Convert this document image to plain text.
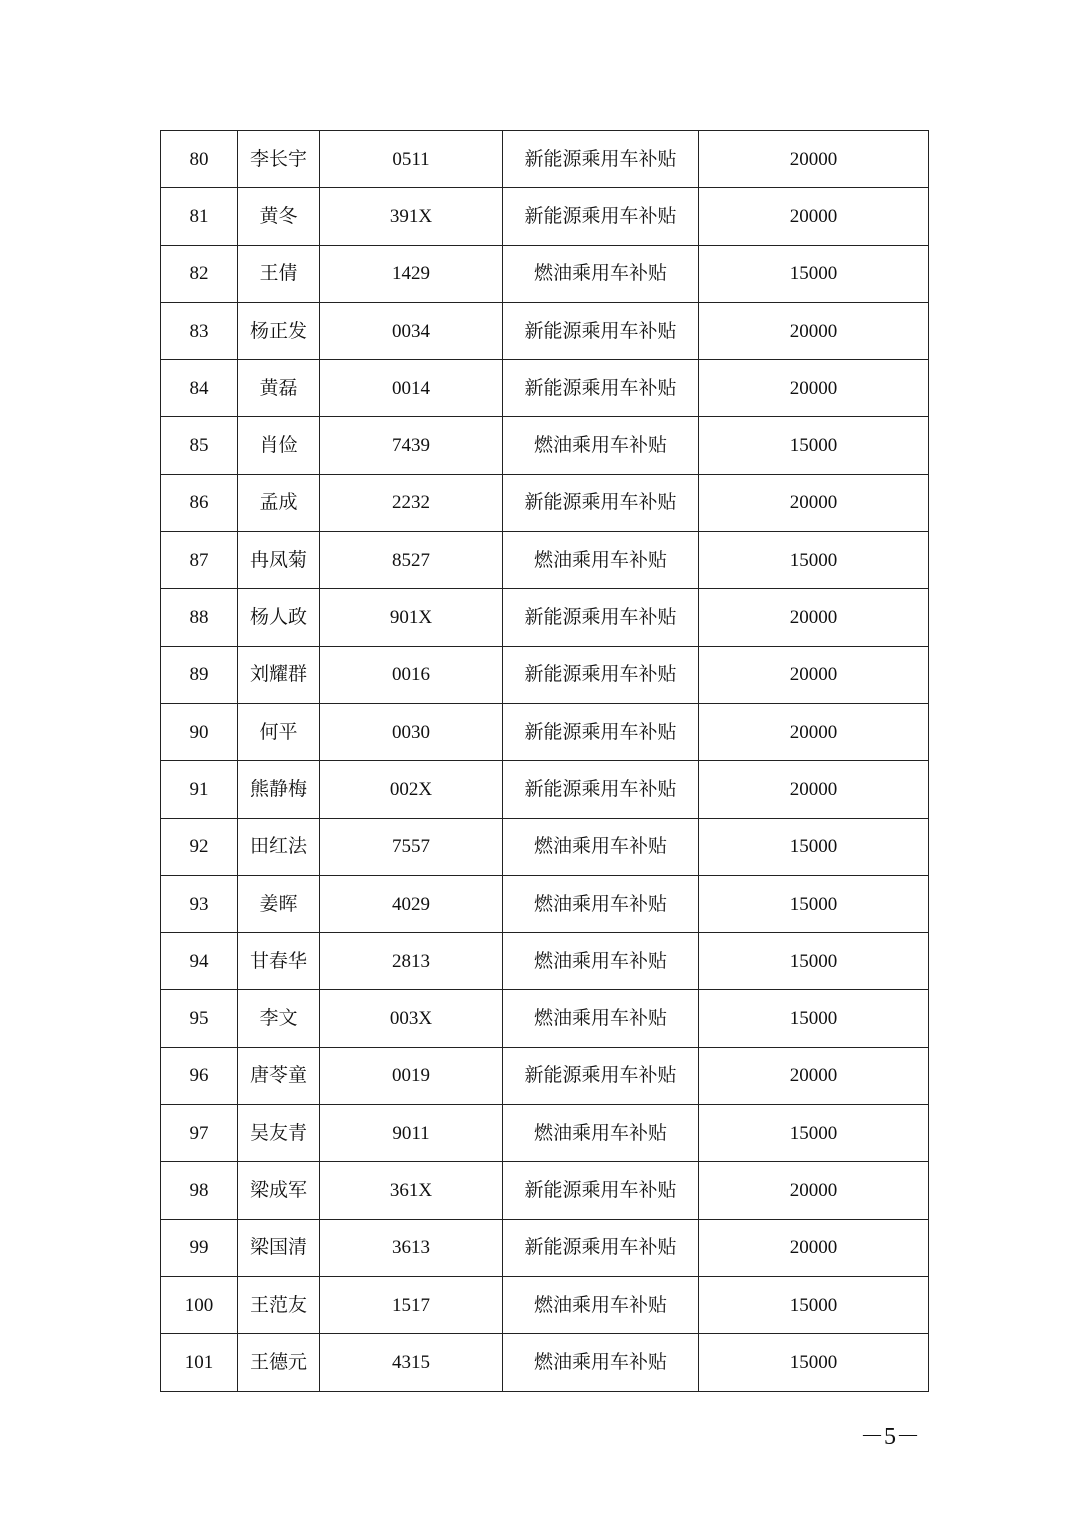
80	李长宇	0511	新能源乘用车补贴	20000
81	黄冬	391X	新能源乘用车补贴	20000
82	王倩	1429	燃油乘用车补贴	15000
83	杨正发	0034	新能源乘用车补贴	20000
84	黄磊	0014	新能源乘用车补贴	20000
85	肖俭	7439	燃油乘用车补贴	15000
86	孟成	2232	新能源乘用车补贴	20000
87	冉凤菊	8527	燃油乘用车补贴	15000
88	杨人政	901X	新能源乘用车补贴	20000
89	刘耀群	0016	新能源乘用车补贴	20000
90	何平	0030	新能源乘用车补贴	20000
91	熊静梅	002X	新能源乘用车补贴	20000
92	田红法	7557	燃油乘用车补贴	15000
93	姜晖	4029	燃油乘用车补贴	15000
94	甘春华	2813	燃油乘用车补贴	15000
95	李文	003X	燃油乘用车补贴	15000
96	唐苓童	0019	新能源乘用车补贴	20000
97	吴友青	9011	燃油乘用车补贴	15000
98	梁成军	361X	新能源乘用车补贴	20000
99	梁国清	3613	新能源乘用车补贴	20000
100	王范友	1517	燃油乘用车补贴	15000
101	王德元	4315	燃油乘用车补贴	15000
－5－
